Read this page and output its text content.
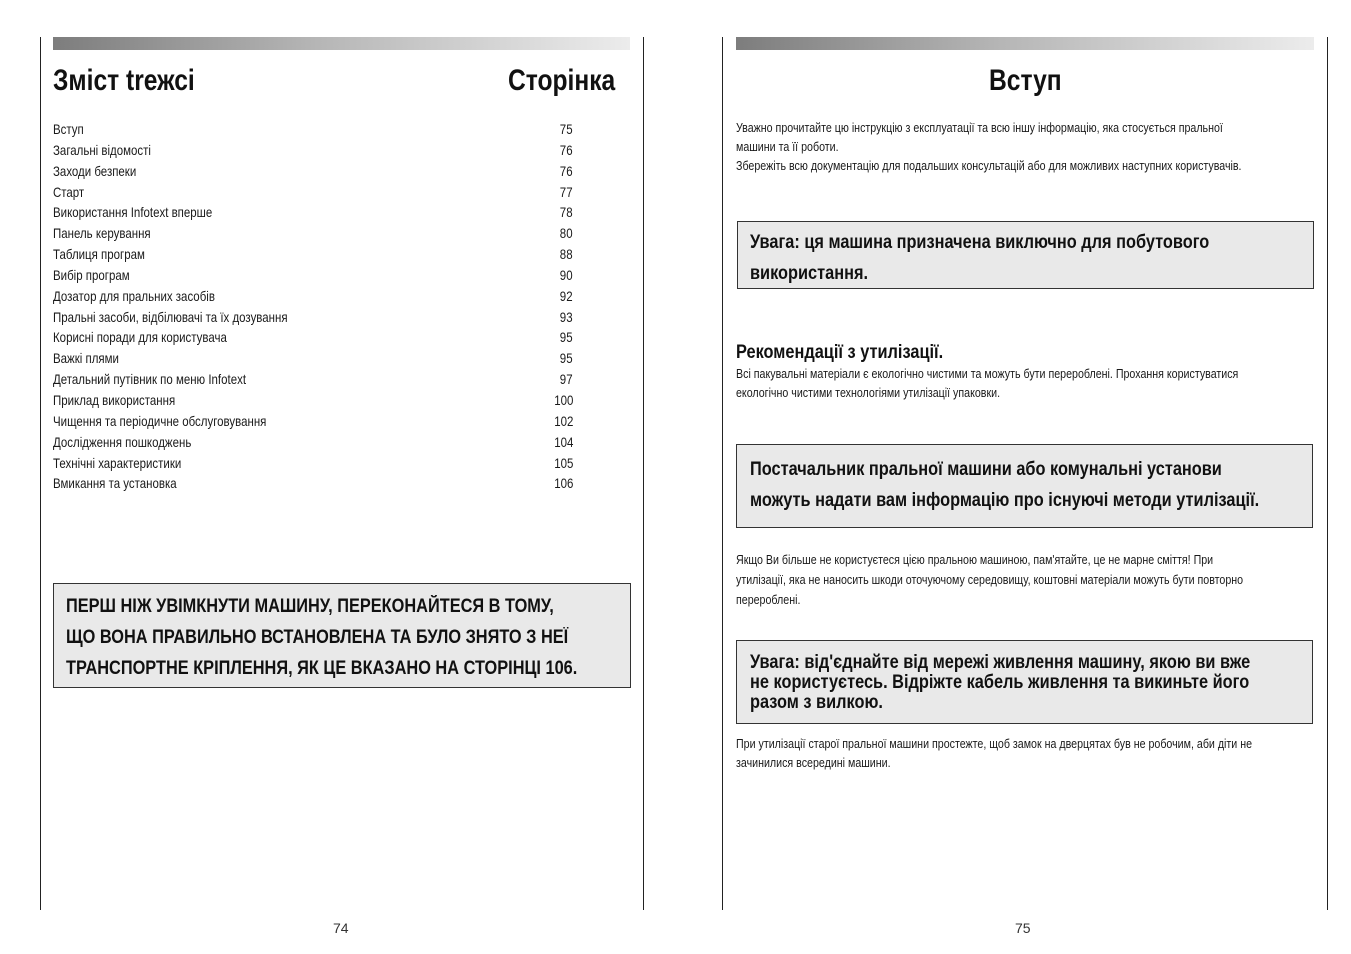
Зміст trежсі	Сторінка
Вступ	75
Загальні відомості	76
Заходи безпеки	76
Старт	77
Використання Infotext вперше	78
Панель керування	80
Таблиця програм	88
Вибір програм	90
Дозатор для пральних засобів	92
Пральні засоби, відбілювачі та їх дозування	93
Корисні поради для користувача	95
Важкі плями	95
Детальний путівник по меню Infotext	97
Приклад використання	100
Чищення та періодичне обслуговування	102
Дослідження пошкоджень	104
Технічні характеристики	105
Вмикання та установка	106
ПЕРШ НІЖ УВІМКНУТИ МАШИНУ, ПЕРЕКОНАЙТЕСЯ В ТОМУ,
ЩО ВОНА ПРАВИЛЬНО ВСТАНОВЛЕНА ТА БУЛО ЗНЯТО З НЕЇ
ТРАНСПОРТНЕ КРІПЛЕННЯ, ЯК ЦЕ ВКАЗАНО НА СТОРІНЦІ 106.
74
Вступ
Уважно прочитайте цю інструкцію з експлуатації та всю іншу інформацію, яка стосується пральної
машини та її роботи.
Збережіть всю документацію для подальших консультацій або для можливих наступних користувачів.
Увага: ця машина призначена виключно для побутового
використання.
Рекомендації з утилізації.
Всі пакувальні матеріали є екологічно чистими та можуть бути перероблені. Прохання користуватися
екологічно чистими технологіями утилізації упаковки.
Постачальник пральної машини або комунальні установи
можуть надати вам інформацію про існуючі методи утилізації.
Якщо Ви більше не користуєтеся цією пральною машиною, пам'ятайте, це не марне сміття! При
утилізації, яка не наносить шкоди оточуючому середовищу, коштовні матеріали можуть бути повторно
перероблені.
Увага: від'єднайте від мережі живлення машину, якою ви вже
не користуєтесь. Відріжте кабель живлення та викиньте його
разом з вилкою.
При утилізації старої пральної машини простежте, щоб замок на дверцятах був не робочим, аби діти не
зачинилися всередині машини.
75
